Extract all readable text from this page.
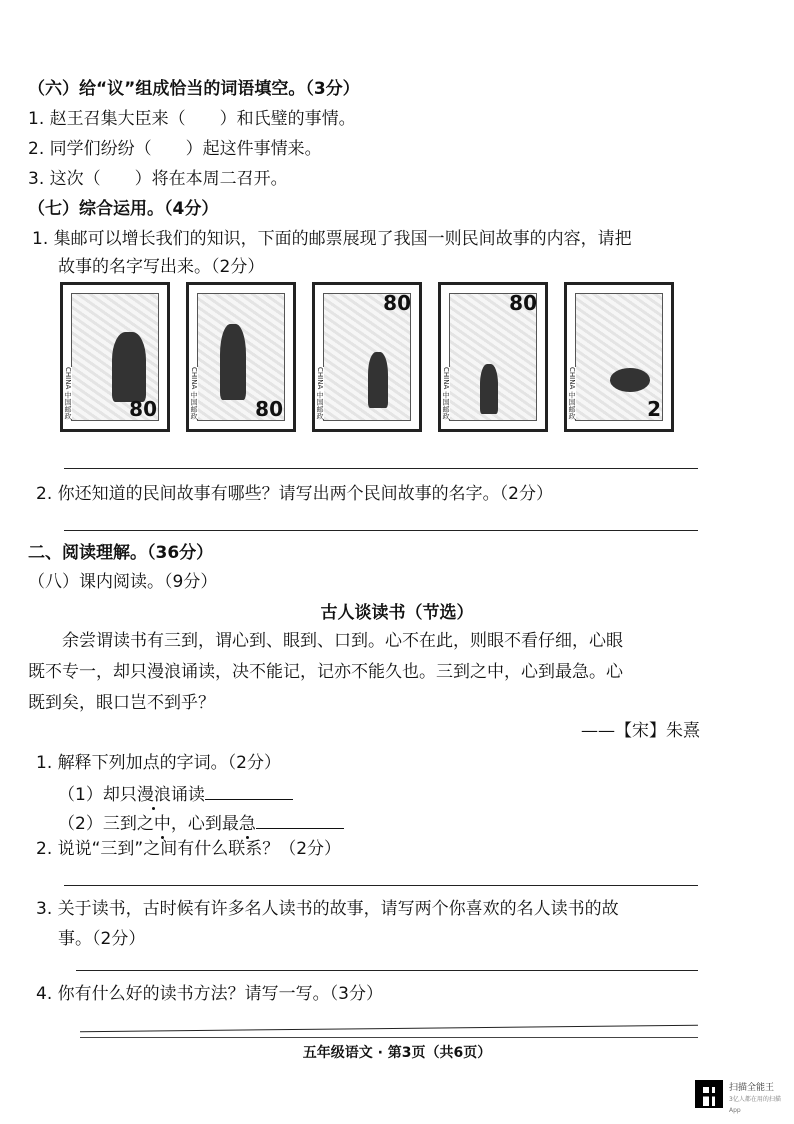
（六）给“议”组成恰当的词语填空。（3分）
1. 赵王召集大臣来（　　）和氏璧的事情。
2. 同学们纷纷（　　）起这件事情来。
3. 这次（　　）将在本周二召开。
（七）综合运用。（4分）
1. 集邮可以增长我们的知识，下面的邮票展现了我国一则民间故事的内容，请把
故事的名字写出来。（2分）
CHINA 中国邮政	80	CHINA 中国邮政	80	CHINA 中国邮政
80
CHINA 中国邮政
80
CHINA 中国邮政	2
2. 你还知道的民间故事有哪些？请写出两个民间故事的名字。（2分）
二、阅读理解。（36分）
（八）课内阅读。（9分）
古人谈读书（节选）
余尝谓读书有三到，谓心到、眼到、口到。心不在此，则眼不看仔细，心眼
既不专一，却只漫浪诵读，决不能记，记亦不能久也。三到之中，心到最急。心
既到矣，眼口岂不到乎？
——【宋】朱熹
1. 解释下列加点的字词。（2分）
（1）却只漫浪诵读
（2）三到之中，心到最急
2. 说说“三到”之间有什么联系？（2分）
3. 关于读书，古时候有许多名人读书的故事，请写两个你喜欢的名人读书的故
事。（2分）
4. 你有什么好的读书方法？请写一写。（3分）
五年级语文 · 第3页（共6页）
扫描全能王
3亿人都在用的扫描App
